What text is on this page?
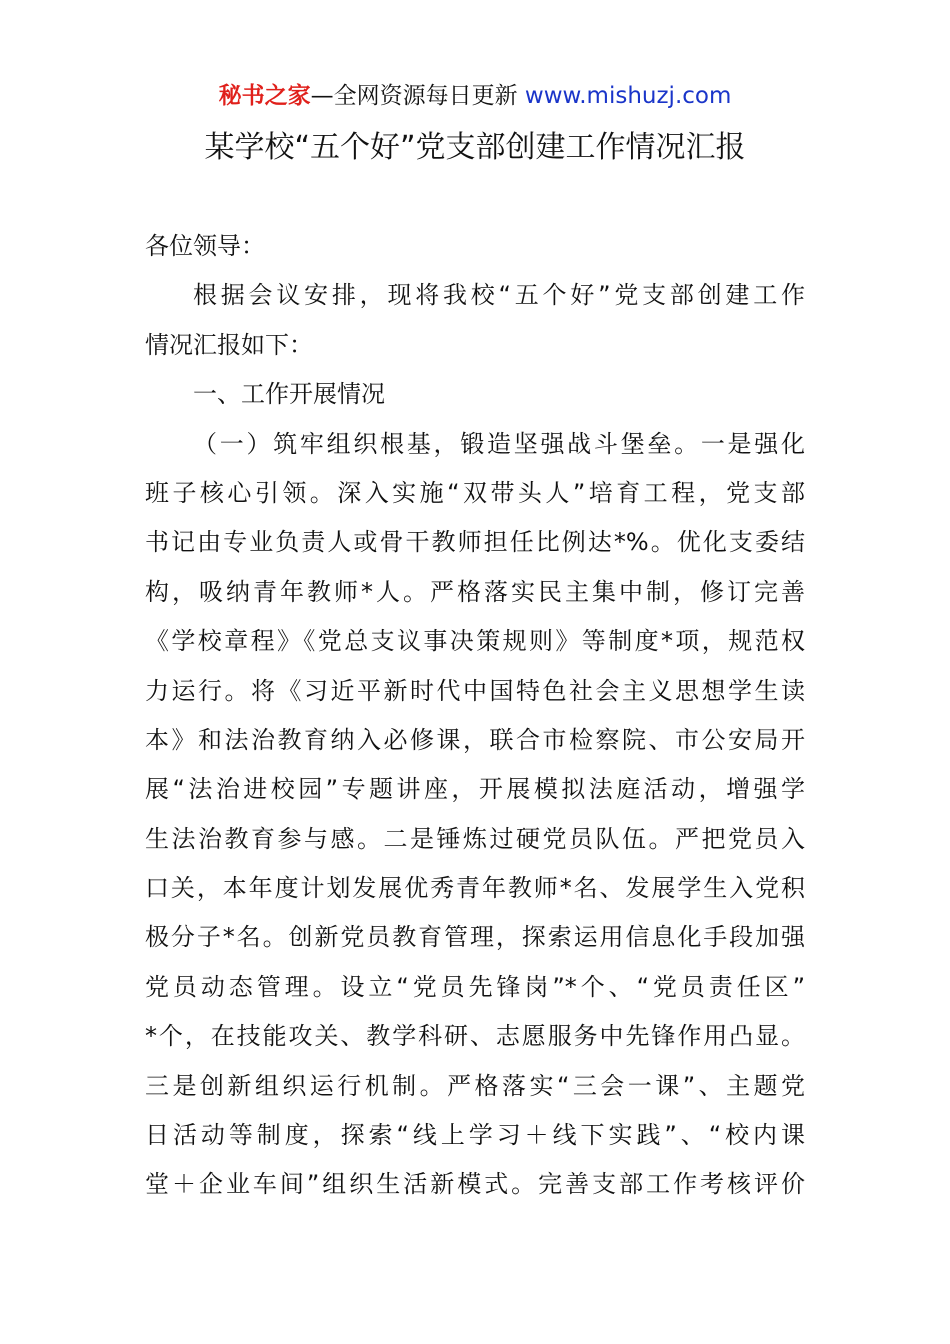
秘书之家—全网资源每日更新 www.mishuzj.com
某学校“五个好”党支部创建工作情况汇报
各位领导：
根据会议安排，现将我校“五个好”党支部创建工作
情况汇报如下：
一、工作开展情况
（一）筑牢组织根基，锻造坚强战斗堡垒。一是强化
班子核心引领。深入实施“双带头人”培育工程，党支部
书记由专业负责人或骨干教师担任比例达*%。优化支委结
构，吸纳青年教师*人。严格落实民主集中制，修订完善
《学校章程》《党总支议事决策规则》等制度*项，规范权
力运行。将《习近平新时代中国特色社会主义思想学生读
本》和法治教育纳入必修课，联合市检察院、市公安局开
展“法治进校园”专题讲座，开展模拟法庭活动，增强学
生法治教育参与感。二是锤炼过硬党员队伍。严把党员入
口关，本年度计划发展优秀青年教师*名、发展学生入党积
极分子*名。创新党员教育管理，探索运用信息化手段加强
党员动态管理。设立“党员先锋岗”*个、“党员责任区”
*个，在技能攻关、教学科研、志愿服务中先锋作用凸显。
三是创新组织运行机制。严格落实“三会一课”、主题党
日活动等制度，探索“线上学习＋线下实践”、“校内课
堂＋企业车间”组织生活新模式。完善支部工作考核评价
